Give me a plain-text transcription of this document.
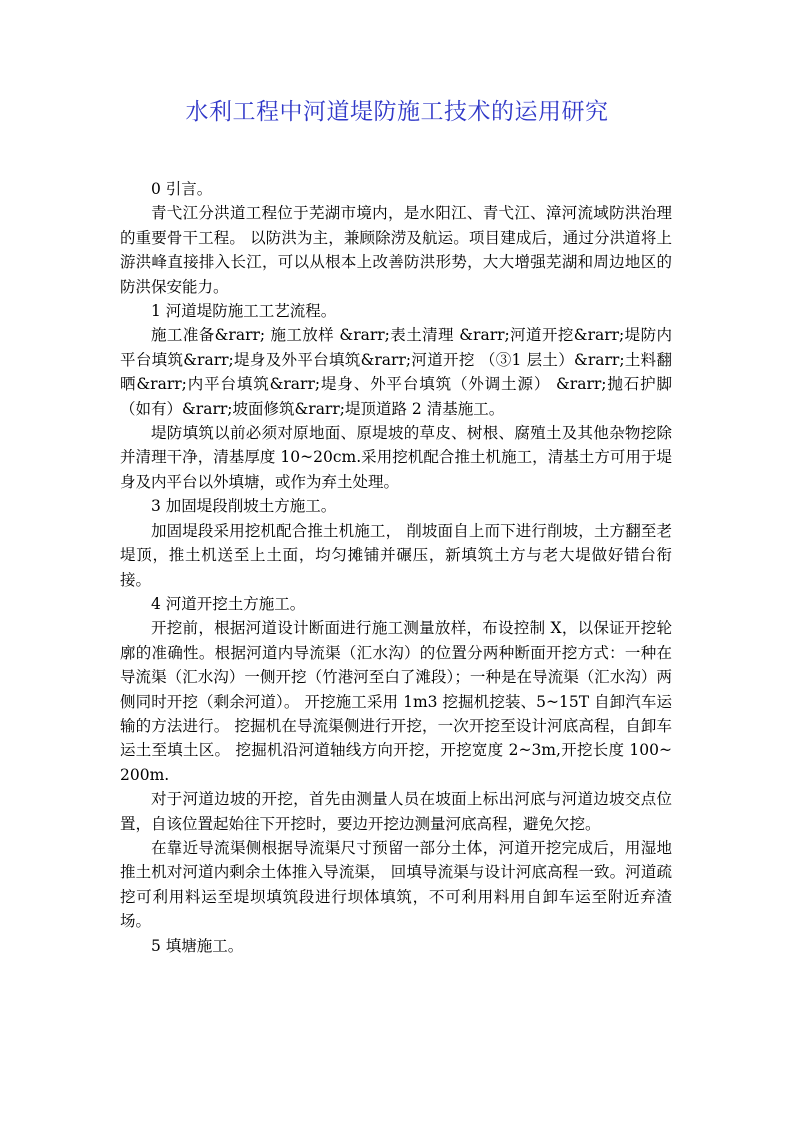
水利工程中河道堤防施工技术的运用研究

0 引言。

青弋江分洪道工程位于芜湖市境内，是水阳江、青弋江、漳河流域防洪治理的重要骨干工程。 以防洪为主，兼顾除涝及航运。项目建成后，通过分洪道将上游洪峰直接排入长江，可以从根本上改善防洪形势，大大增强芜湖和周边地区的防洪保安能力。

1 河道堤防施工工艺流程。

施工准备&rarr; 施工放样 &rarr;表土清理 &rarr;河道开挖&rarr;堤防内平台填筑&rarr;堤身及外平台填筑&rarr;河道开挖 （③1 层土）&rarr;土料翻晒&rarr;内平台填筑&rarr;堤身、外平台填筑（外调土源） &rarr;抛石护脚（如有）&rarr;坡面修筑&rarr;堤顶道路 2 清基施工。

堤防填筑以前必须对原地面、原堤坡的草皮、树根、腐殖土及其他杂物挖除并清理干净，清基厚度 10~20cm.采用挖机配合推土机施工，清基土方可用于堤身及内平台以外填塘，或作为弃土处理。

3 加固堤段削坡土方施工。

加固堤段采用挖机配合推土机施工， 削坡面自上而下进行削坡，土方翻至老堤顶，推土机送至上土面，均匀摊铺并碾压，新填筑土方与老大堤做好错台衔接。

4 河道开挖土方施工。

开挖前，根据河道设计断面进行施工测量放样，布设控制 X，以保证开挖轮廓的准确性。根据河道内导流渠（汇水沟）的位置分两种断面开挖方式：一种在导流渠（汇水沟）一侧开挖（竹港河至白了滩段）；一种是在导流渠（汇水沟）两侧同时开挖（剩余河道）。 开挖施工采用 1m3 挖掘机挖装、5~15T 自卸汽车运输的方法进行。 挖掘机在导流渠侧进行开挖，一次开挖至设计河底高程，自卸车运土至填土区。 挖掘机沿河道轴线方向开挖，开挖宽度 2~3m,开挖长度 100~200m.

对于河道边坡的开挖，首先由测量人员在坡面上标出河底与河道边坡交点位置，自该位置起始往下开挖时，要边开挖边测量河底高程，避免欠挖。

在靠近导流渠侧根据导流渠尺寸预留一部分土体，河道开挖完成后，用湿地推土机对河道内剩余土体推入导流渠， 回填导流渠与设计河底高程一致。河道疏挖可利用料运至堤坝填筑段进行坝体填筑，不可利用料用自卸车运至附近弃渣场。

5 填塘施工。
